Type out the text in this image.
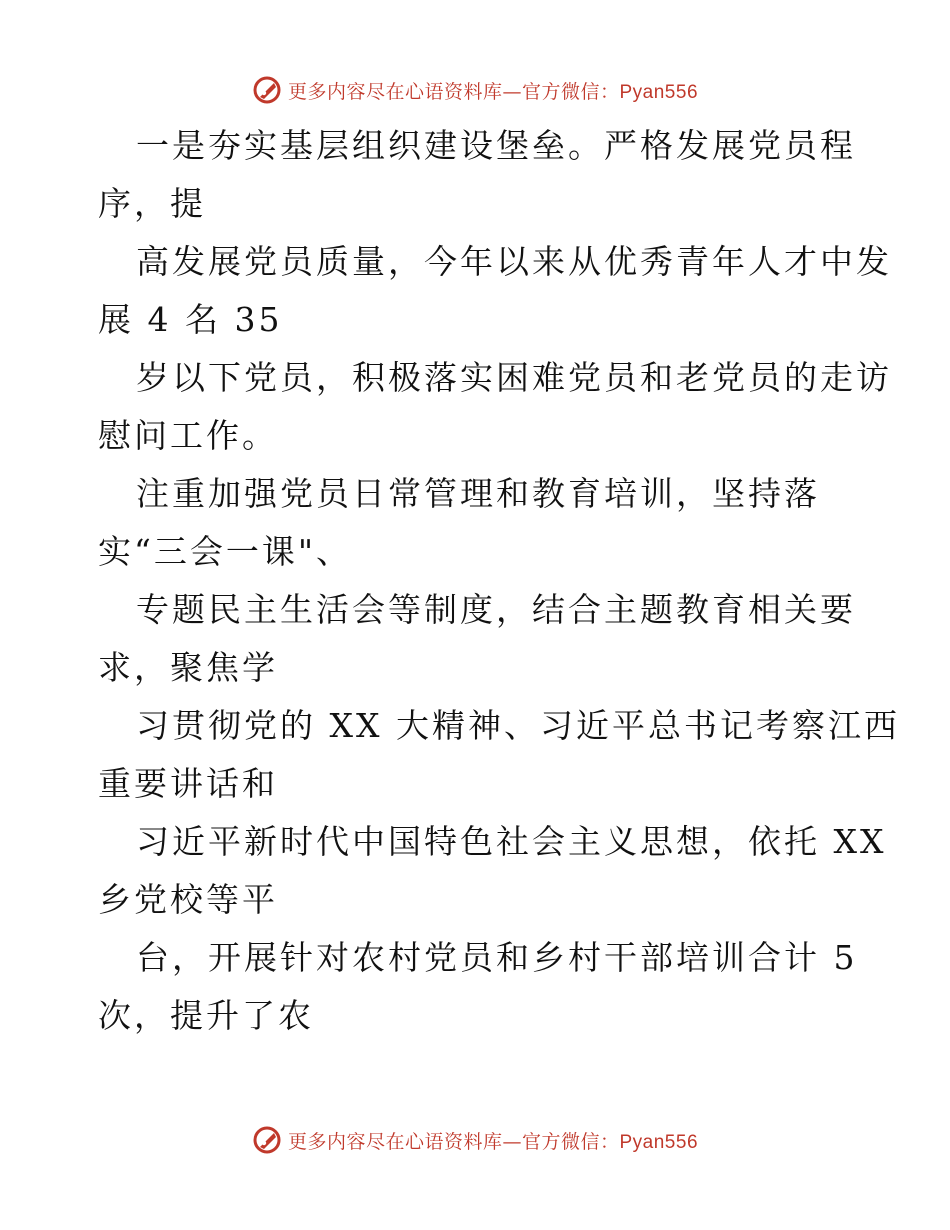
更多内容尽在心语资料库—官方微信：Pyan556
一是夯实基层组织建设堡垒。严格发展党员程
序，提
高发展党员质量，今年以来从优秀青年人才中发
展 4 名 35
岁以下党员，积极落实困难党员和老党员的走访
慰问工作。
注重加强党员日常管理和教育培训，坚持落
实“三会一课"、
专题民主生活会等制度，结合主题教育相关要
求，聚焦学
习贯彻党的 XX 大精神、习近平总书记考察江西
重要讲话和
习近平新时代中国特色社会主义思想，依托 XX
乡党校等平
台，开展针对农村党员和乡村干部培训合计 5
次，提升了农
更多内容尽在心语资料库—官方微信：Pyan556
